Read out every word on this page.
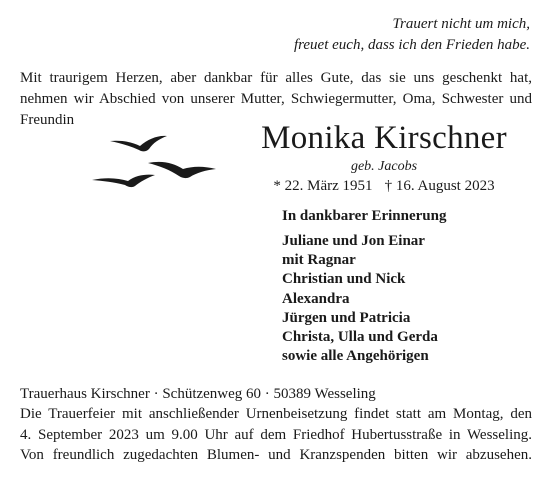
Trauert nicht um mich,
freuet euch, dass ich den Frieden habe.
Mit traurigem Herzen, aber dankbar für alles Gute, das sie uns geschenkt hat, nehmen wir Abschied von unserer Mutter, Schwiegermutter, Oma, Schwester und Freundin	Monika Kirschner
geb. Jacobs
* 22. März 1951 † 16. August 2023
In dankbarer Erinnerung
Juliane und Jon Einar
mit Ragnar
Christian und Nick
Alexandra
Jürgen und Patricia
Christa, Ulla und Gerda
sowie alle Angehörigen
Trauerhaus Kirschner · Schützenweg 60 · 50389 Wesseling
Die Trauerfeier mit anschließender Urnenbeisetzung findet statt am Montag, den
4. September 2023 um 9.00 Uhr auf dem Friedhof Hubertusstraße in Wesseling.
Von freundlich zugedachten Blumen- und Kranzspenden bitten wir abzusehen.
